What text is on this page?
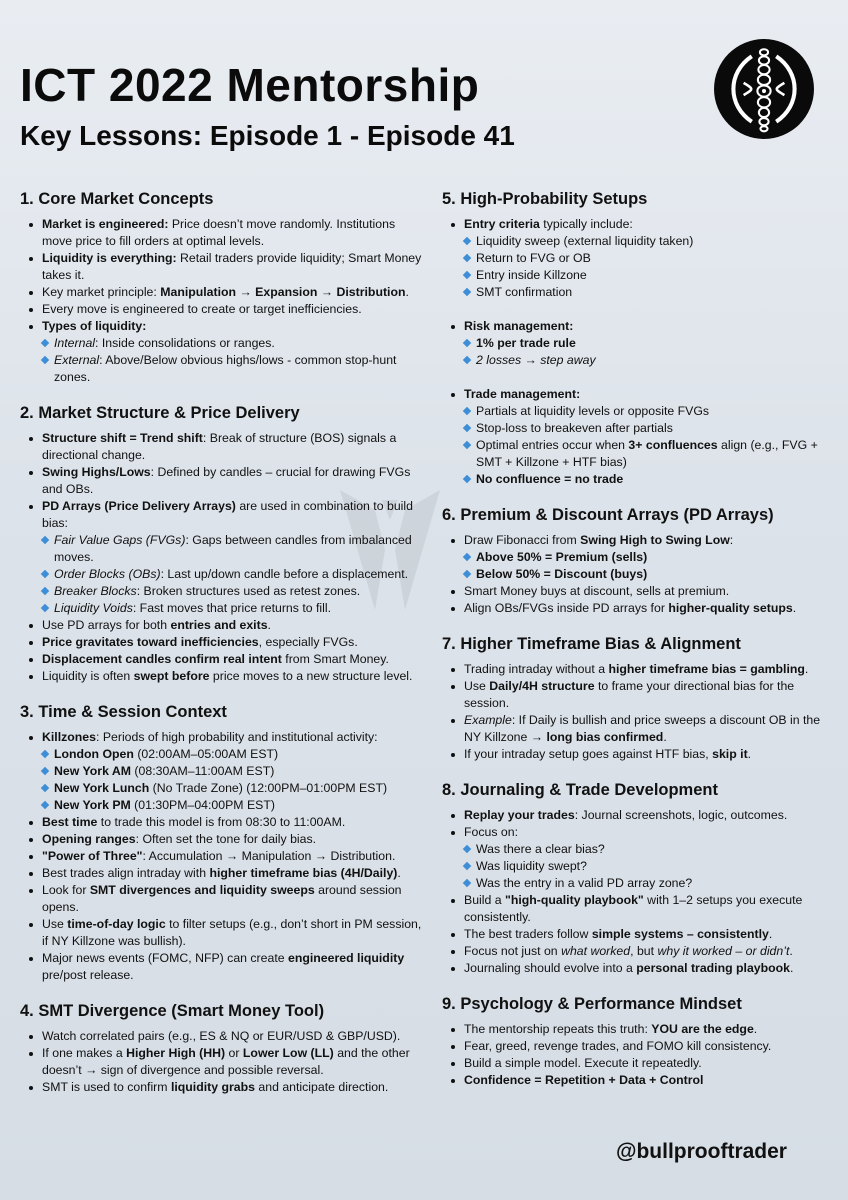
ICT 2022 Mentorship
Key Lessons: Episode 1 - Episode 41
1. Core Market Concepts
Market is engineered: Price doesn’t move randomly. Institutions move price to fill orders at optimal levels.
Liquidity is everything: Retail traders provide liquidity; Smart Money takes it.
Key market principle: Manipulation → Expansion → Distribution.
Every move is engineered to create or target inefficiencies.
Types of liquidity:
Internal: Inside consolidations or ranges.
External: Above/Below obvious highs/lows - common stop-hunt zones.
2. Market Structure & Price Delivery
Structure shift = Trend shift: Break of structure (BOS) signals a directional change.
Swing Highs/Lows: Defined by candles – crucial for drawing FVGs and OBs.
PD Arrays (Price Delivery Arrays) are used in combination to build bias:
Fair Value Gaps (FVGs): Gaps between candles from imbalanced moves.
Order Blocks (OBs): Last up/down candle before a displacement.
Breaker Blocks: Broken structures used as retest zones.
Liquidity Voids: Fast moves that price returns to fill.
Use PD arrays for both entries and exits.
Price gravitates toward inefficiencies, especially FVGs.
Displacement candles confirm real intent from Smart Money.
Liquidity is often swept before price moves to a new structure level.
3. Time & Session Context
Killzones: Periods of high probability and institutional activity:
London Open (02:00AM–05:00AM EST)
New York AM (08:30AM–11:00AM EST)
New York Lunch (No Trade Zone) (12:00PM–01:00PM EST)
New York PM (01:30PM–04:00PM EST)
Best time to trade this model is from 08:30 to 11:00AM.
Opening ranges: Often set the tone for daily bias.
"Power of Three": Accumulation → Manipulation → Distribution.
Best trades align intraday with higher timeframe bias (4H/Daily).
Look for SMT divergences and liquidity sweeps around session opens.
Use time-of-day logic to filter setups (e.g., don’t short in PM session, if NY Killzone was bullish).
Major news events (FOMC, NFP) can create engineered liquidity pre/post release.
4. SMT Divergence (Smart Money Tool)
Watch correlated pairs (e.g., ES & NQ or EUR/USD & GBP/USD).
If one makes a Higher High (HH) or Lower Low (LL) and the other doesn’t → sign of divergence and possible reversal.
SMT is used to confirm liquidity grabs and anticipate direction.
5. High-Probability Setups
Entry criteria typically include:
Liquidity sweep (external liquidity taken)
Return to FVG or OB
Entry inside Killzone
SMT confirmation
Risk management:
1% per trade rule
2 losses → step away
Trade management:
Partials at liquidity levels or opposite FVGs
Stop-loss to breakeven after partials
Optimal entries occur when 3+ confluences align (e.g., FVG + SMT + Killzone + HTF bias)
No confluence = no trade
6. Premium & Discount Arrays (PD Arrays)
Draw Fibonacci from Swing High to Swing Low:
Above 50% = Premium (sells)
Below 50% = Discount (buys)
Smart Money buys at discount, sells at premium.
Align OBs/FVGs inside PD arrays for higher-quality setups.
7. Higher Timeframe Bias & Alignment
Trading intraday without a higher timeframe bias = gambling.
Use Daily/4H structure to frame your directional bias for the session.
Example: If Daily is bullish and price sweeps a discount OB in the NY Killzone → long bias confirmed.
If your intraday setup goes against HTF bias, skip it.
8. Journaling & Trade Development
Replay your trades: Journal screenshots, logic, outcomes.
Focus on:
Was there a clear bias?
Was liquidity swept?
Was the entry in a valid PD array zone?
Build a "high-quality playbook" with 1–2 setups you execute consistently.
The best traders follow simple systems – consistently.
Focus not just on what worked, but why it worked – or didn’t.
Journaling should evolve into a personal trading playbook.
9. Psychology & Performance Mindset
The mentorship repeats this truth: YOU are the edge.
Fear, greed, revenge trades, and FOMO kill consistency.
Build a simple model. Execute it repeatedly.
Confidence = Repetition + Data + Control
@bullprooftrader
